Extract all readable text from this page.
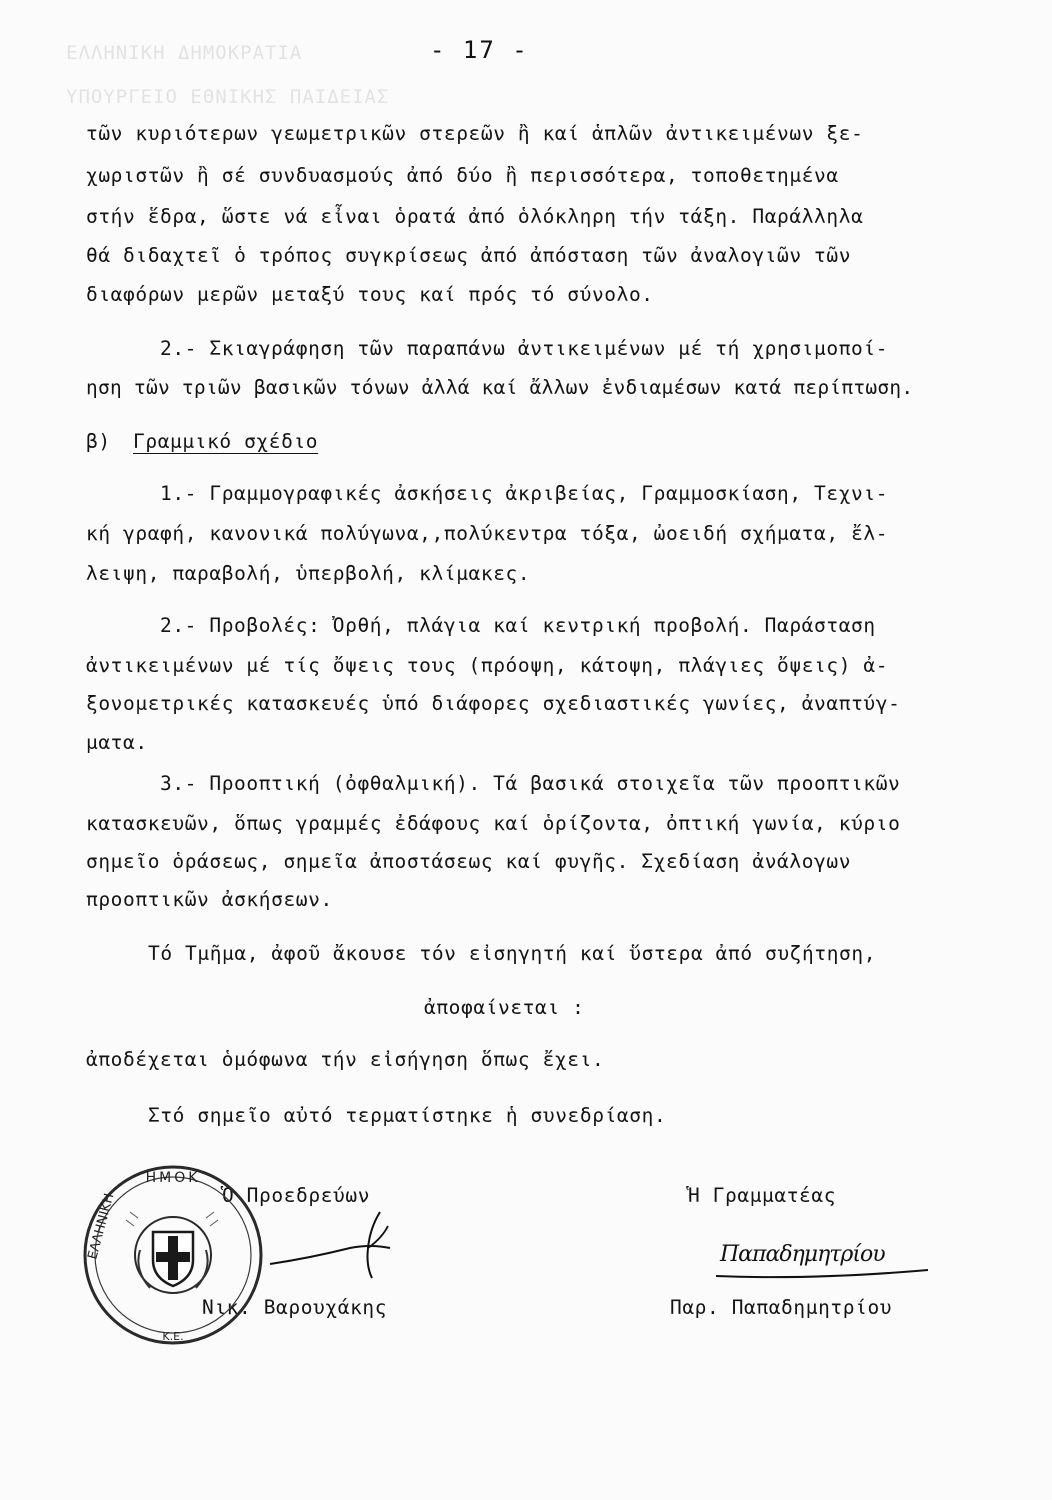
ΕΛΛΗΝΙΚΗ ΔΗΜΟΚΡΑΤΙΑ
ΥΠΟΥΡΓΕΙΟ ΕΘΝΙΚΗΣ ΠΑΙΔΕΙΑΣ
- 17 -
τῶν κυριότερων γεωμετρικῶν στερεῶν ἢ καί ἁπλῶν ἀντικειμένων ξε-
χωριστῶν ἢ σέ συνδυασμούς ἀπό δύο ἢ περισσότερα, τοποθετημένα
στήν ἕδρα, ὥστε νά εἶναι ὁρατά ἀπό ὁλόκληρη τήν τάξη. Παράλληλα
θά διδαχτεῖ ὁ τρόπος συγκρίσεως ἀπό ἀπόσταση τῶν ἀναλογιῶν τῶν
διαφόρων μερῶν μεταξύ τους καί πρός τό σύνολο.
2.- Σκιαγράφηση τῶν παραπάνω ἀντικειμένων μέ τή χρησιμοποί-
ηση τῶν τριῶν βασικῶν τόνων ἀλλά καί ἄλλων ἐνδιαμέσων κατά περίπτωση.
β) Γραμμικό σχέδιο
1.- Γραμμογραφικές ἀσκήσεις ἀκριβείας, Γραμμοσκίαση, Τεχνι-
κή γραφή, κανονικά πολύγωνα,,πολύκεντρα τόξα, ὠοειδή σχήματα, ἔλ-
λειψη, παραβολή, ὑπερβολή, κλίμακες.
2.- Προβολές: Ὀρθή, πλάγια καί κεντρική προβολή. Παράσταση
ἀντικειμένων μέ τίς ὄψεις τους (πρόοψη, κάτοψη, πλάγιες ὄψεις) ἀ-
ξονομετρικές κατασκευές ὑπό διάφορες σχεδιαστικές γωνίες, ἀναπτύγ-
ματα.
3.- Προοπτική (ὀφθαλμική). Τά βασικά στοιχεῖα τῶν προοπτικῶν
κατασκευῶν, ὅπως γραμμές ἐδάφους καί ὁρίζοντα, ὀπτική γωνία, κύριο
σημεῖο ὁράσεως, σημεῖα ἀποστάσεως καί φυγῆς. Σχεδίαση ἀνάλογων
προοπτικῶν ἀσκήσεων.
Τό Τμῆμα, ἀφοῦ ἄκουσε τόν εἰσηγητή καί ὕστερα ἀπό συζήτηση,
ἀποφαίνεται :
ἀποδέχεται ὁμόφωνα τήν εἰσήγηση ὅπως ἔχει.
Στό σημεῖο αὐτό τερματίστηκε ἡ συνεδρίαση.
Ὁ Προεδρεύων	Ἡ Γραμματέας
Νικ. Βαρουχάκης	Παρ. Παπαδημητρίου
ΗΜΟΚ
Κ.Ε.
ΕΛΛΗΝΙΚΗ	Παπαδημητρίου
